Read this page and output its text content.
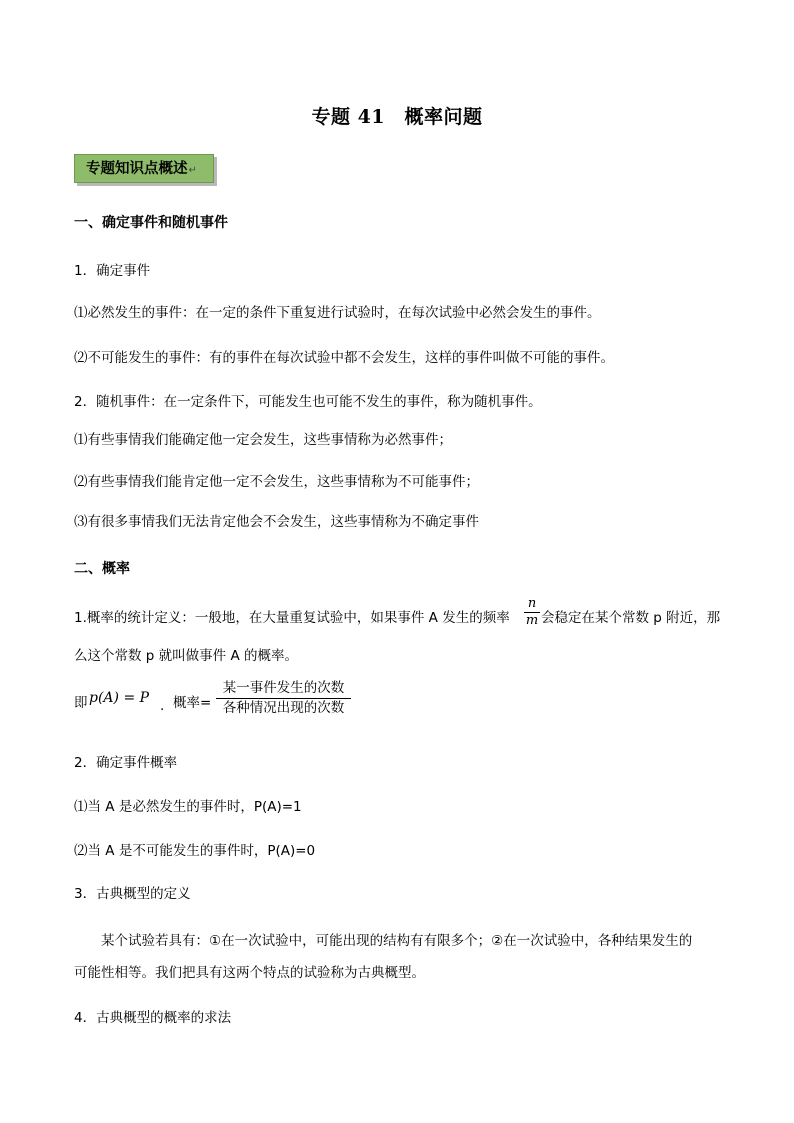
专题 41　概率问题
专题知识点概述↵
一、确定事件和随机事件
1．确定事件
⑴必然发生的事件：在一定的条件下重复进行试验时，在每次试验中必然会发生的事件。
⑵不可能发生的事件：有的事件在每次试验中都不会发生，这样的事件叫做不可能的事件。
2．随机事件：在一定条件下，可能发生也可能不发生的事件，称为随机事件。
⑴有些事情我们能确定他一定会发生，这些事情称为必然事件；
⑵有些事情我们能肯定他一定不会发生，这些事情称为不可能事件；
⑶有很多事情我们无法肯定他会不会发生，这些事情称为不确定事件
二、概率
1.概率的统计定义：一般地，在大量重复试验中，如果事件 A 发生的频率
n
m 会稳定在某个常数 p 附近，那
么这个常数 p 就叫做事件 A 的概率。
即 p(A) = P . 概率=
某一事件发生的次数
各种情况出现的次数
2．确定事件概率
⑴当 A 是必然发生的事件时，P(A)=1
⑵当 A 是不可能发生的事件时，P(A)=0
3．古典概型的定义
某个试验若具有：①在一次试验中，可能出现的结构有有限多个；②在一次试验中，各种结果发生的
可能性相等。我们把具有这两个特点的试验称为古典概型。
4．古典概型的概率的求法
